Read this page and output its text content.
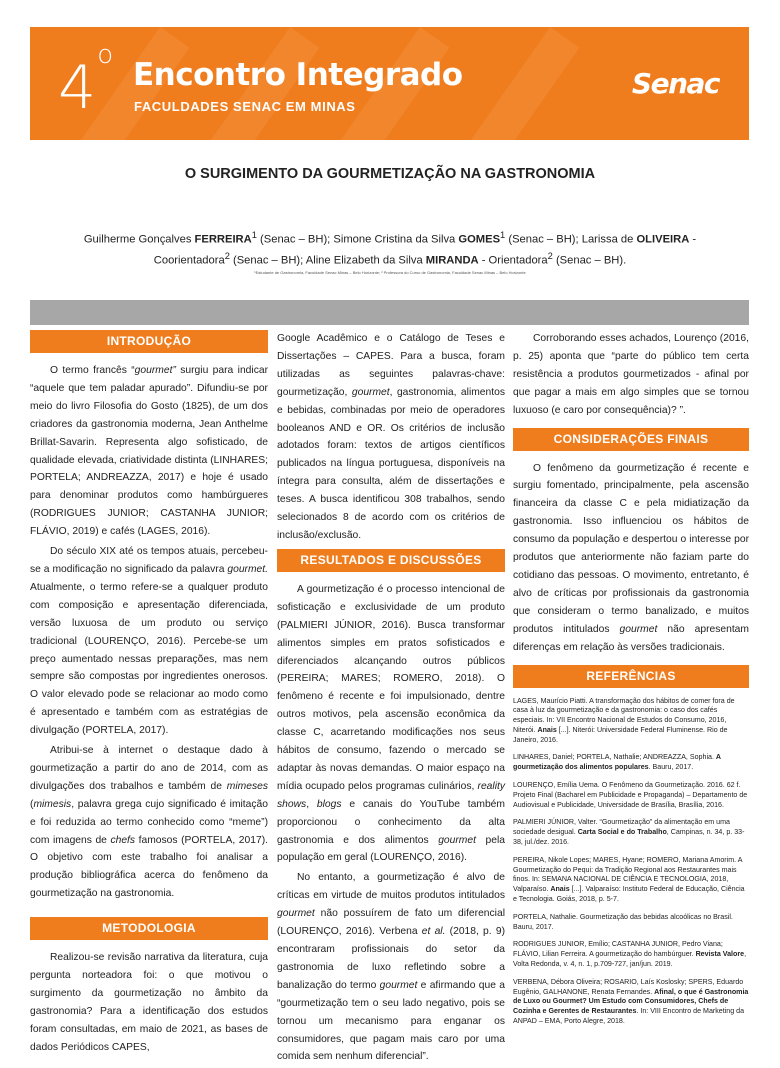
4 $^o$
Encontro Integrado
FACULDADES SENAC EM MINAS
Senac
O SURGIMENTO DA GOURMETIZAÇÃO NA GASTRONOMIA
Guilherme Gonçalves FERREIRA$^1$ (Senac – BH); Simone Cristina da Silva GOMES$^1$ (Senac – BH); Larissa de OLIVEIRA - Coorientadora$^2$ (Senac – BH); Aline Elizabeth da Silva MIRANDA - Orientadora$^2$ (Senac – BH).
¹Estudante de Gastronomia, Faculdade Senac Minas – Belo Horizonte; ² Professora do Curso de Gastronomia, Faculdade Senac Minas – Belo Horizonte
INTRODUÇÃO

O termo francês “gourmet” surgiu para indicar “aquele que tem paladar apurado”. Difundiu-se por meio do livro Filosofia do Gosto (1825), de um dos criadores da gastronomia moderna, Jean Anthelme Brillat-Savarin. Representa algo sofisticado, de qualidade elevada, criatividade distinta (LINHARES; PORTELA; ANDREAZZA, 2017) e hoje é usado para denominar produtos como hambúrgueres (RODRIGUES JUNIOR; CASTANHA JUNIOR; FLÁVIO, 2019) e cafés (LAGES, 2016).

Do século XIX até os tempos atuais, percebeu-se a modificação no significado da palavra gourmet. Atualmente, o termo refere-se a qualquer produto com composição e apresentação diferenciada, versão luxuosa de um produto ou serviço tradicional (LOURENÇO, 2016). Percebe-se um preço aumentado nessas preparações, mas nem sempre são compostas por ingredientes onerosos. O valor elevado pode se relacionar ao modo como é apresentado e também com as estratégias de divulgação (PORTELA, 2017).

Atribui-se à internet o destaque dado à gourmetização a partir do ano de 2014, com as divulgações dos trabalhos e também de mimeses (mimesis, palavra grega cujo significado é imitação e foi reduzida ao termo conhecido como “meme”) com imagens de chefs famosos (PORTELA, 2017). O objetivo com este trabalho foi analisar a produção bibliográfica acerca do fenômeno da gourmetização na gastronomia.

METODOLOGIA

Realizou-se revisão narrativa da literatura, cuja pergunta norteadora foi: o que motivou o surgimento da gourmetização no âmbito da gastronomia? Para a identificação dos estudos foram consultadas, em maio de 2021, as bases de dados Periódicos CAPES,

Google Acadêmico e o Catálogo de Teses e Dissertações – CAPES. Para a busca, foram utilizadas as seguintes palavras-chave: gourmetização, gourmet, gastronomia, alimentos e bebidas, combinadas por meio de operadores booleanos AND e OR. Os critérios de inclusão adotados foram: textos de artigos científicos publicados na língua portuguesa, disponíveis na íntegra para consulta, além de dissertações e teses. A busca identificou 308 trabalhos, sendo selecionados 8 de acordo com os critérios de inclusão/exclusão.

RESULTADOS E DISCUSSÕES

A gourmetização é o processo intencional de sofisticação e exclusividade de um produto (PALMIERI JÚNIOR, 2016). Busca transformar alimentos simples em pratos sofisticados e diferenciados alcançando outros públicos (PEREIRA; MARES; ROMERO, 2018). O fenômeno é recente e foi impulsionado, dentre outros motivos, pela ascensão econômica da classe C, acarretando modificações nos seus hábitos de consumo, fazendo o mercado se adaptar às novas demandas. O maior espaço na mídia ocupado pelos programas culinários, reality shows, blogs e canais do YouTube também proporcionou o conhecimento da alta gastronomia e dos alimentos gourmet pela população em geral (LOURENÇO, 2016).

No entanto, a gourmetização é alvo de críticas em virtude de muitos produtos intitulados gourmet não possuírem de fato um diferencial (LOURENÇO, 2016). Verbena et al. (2018, p. 9) encontraram profissionais do setor da gastronomia de luxo refletindo sobre a banalização do termo gourmet e afirmando que a “gourmetização tem o seu lado negativo, pois se tornou um mecanismo para enganar os consumidores, que pagam mais caro por uma comida sem nenhum diferencial”.

Corroborando esses achados, Lourenço (2016, p. 25) aponta que “parte do público tem certa resistência a produtos gourmetizados - afinal por que pagar a mais em algo simples que se tornou luxuoso (e caro por consequência)? ”.

CONSIDERAÇÕES FINAIS

O fenômeno da gourmetização é recente e surgiu fomentado, principalmente, pela ascensão financeira da classe C e pela midiatização da gastronomia. Isso influenciou os hábitos de consumo da população e despertou o interesse por produtos que anteriormente não faziam parte do cotidiano das pessoas. O movimento, entretanto, é alvo de críticas por profissionais da gastronomia que consideram o termo banalizado, e muitos produtos intitulados gourmet não apresentam diferenças em relação às versões tradicionais.

REFERÊNCIAS
LAGES, Maurício Piatti. A transformação dos hábitos de comer fora de casa à luz da gourmetização e da gastronomia: o caso dos cafés especiais. In: VII Encontro Nacional de Estudos do Consumo, 2016, Niterói. Anais [...]. Niterói: Universidade Federal Fluminense. Rio de Janeiro, 2016.
LINHARES, Daniel; PORTELA, Nathalie; ANDREAZZA, Sophia. A gourmetização dos alimentos populares. Bauru, 2017.
LOURENÇO, Emília Uema. O Fenômeno da Gourmetização. 2016. 62 f. Projeto Final (Bacharel em Publicidade e Propaganda) – Departamento de Audiovisual e Publicidade, Universidade de Brasília, Brasília, 2016.
PALMIERI JÚNIOR, Valter. “Gourmetização” da alimentação em uma sociedade desigual. Carta Social e do Trabalho, Campinas, n. 34, p. 33-38, jul./dez. 2016.
PEREIRA, Nikole Lopes; MARES, Hyane; ROMERO, Mariana Amorim. A Gourmetização do Pequi: da Tradição Regional aos Restaurantes mais finos. In: SEMANA NACIONAL DE CIÊNCIA E TECNOLOGIA, 2018, Valparaíso. Anais [...]. Valparaíso: Instituto Federal de Educação, Ciência e Tecnologia. Goiás, 2018, p. 5-7.
PORTELA, Nathalie. Gourmetização das bebidas alcoólicas no Brasil. Bauru, 2017.
RODRIGUES JUNIOR, Emílio; CASTANHA JUNIOR, Pedro Viana; FLÁVIO, Lilian Ferreira. A gourmetização do hambúrguer. Revista Valore, Volta Redonda, v. 4, n. 1, p.709-727, jan/jun. 2019.
VERBENA, Débora Oliveira; ROSARIO, Laís Koslosky; SPERS, Eduardo Eugênio, GALHANONE, Renata Fernandes. Afinal, o que é Gastronomia de Luxo ou Gourmet? Um Estudo com Consumidores, Chefs de Cozinha e Gerentes de Restaurantes. In: VIII Encontro de Marketing da ANPAD – EMA, Porto Alegre, 2018.
